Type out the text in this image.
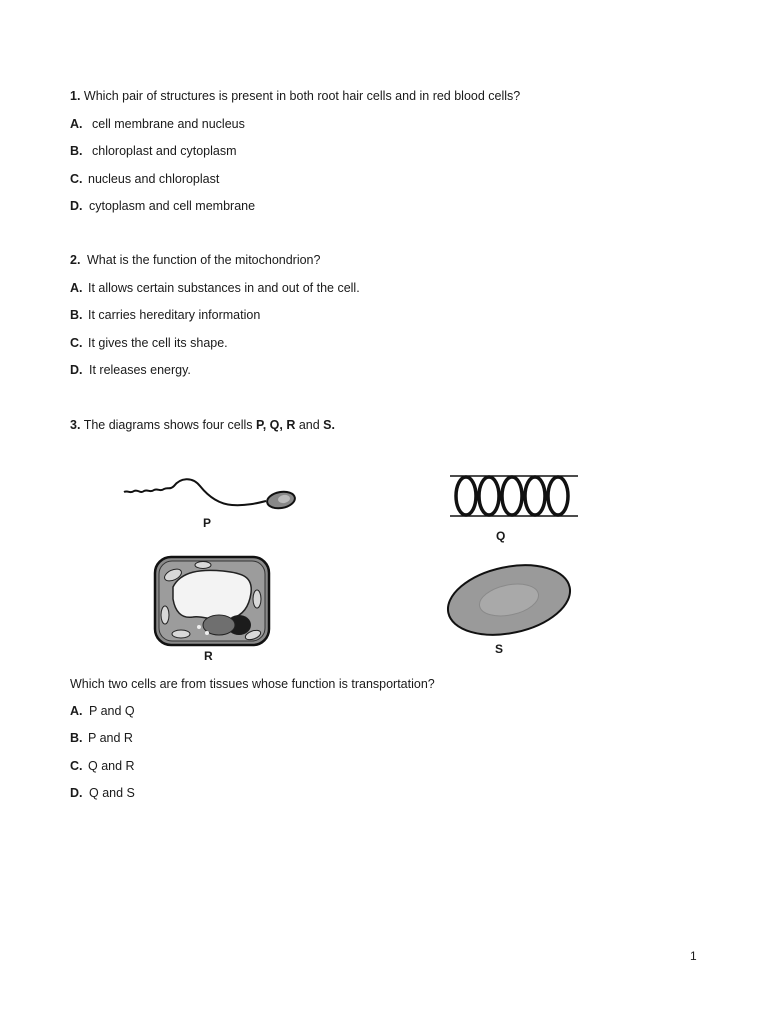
1. Which pair of structures is present in both root hair cells and in red blood cells?
A. cell membrane and nucleus
B. chloroplast and cytoplasm
C. nucleus and chloroplast
D. cytoplasm and cell membrane
2. What is the function of the mitochondrion?
A. It allows certain substances in and out of the cell.
B. It carries hereditary information
C. It gives the cell its shape.
D. It releases energy.
3. The diagrams shows four cells P, Q, R and S.
P
Q
R	S
Which two cells are from tissues whose function is transportation?
A. P and Q
B. P and R
C. Q and R
D. Q and S
1
